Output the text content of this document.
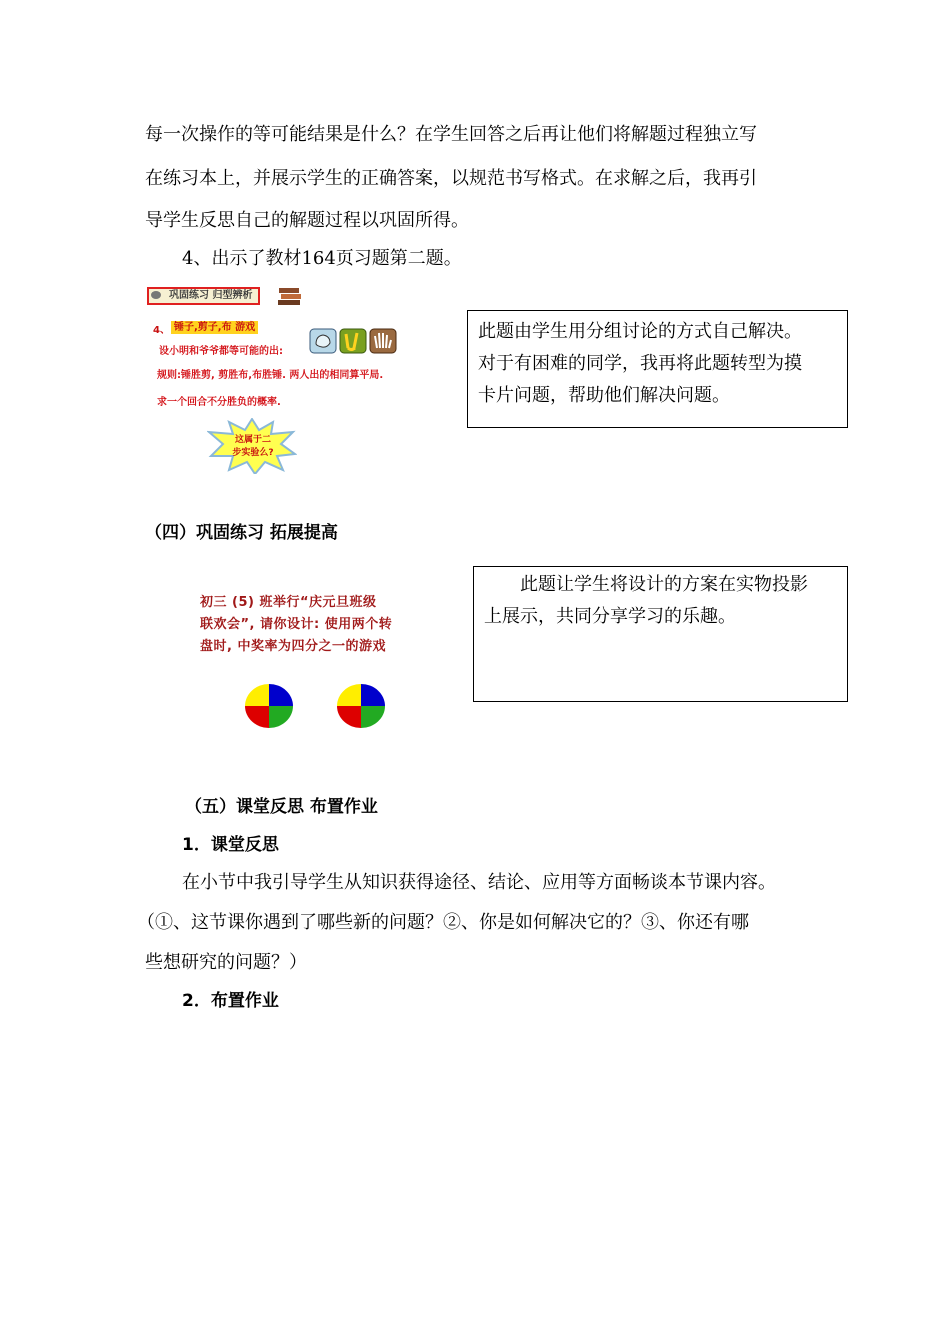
每一次操作的等可能结果是什么？在学生回答之后再让他们将解题过程独立写
在练习本上，并展示学生的正确答案，以规范书写格式。在求解之后，我再引
导学生反思自己的解题过程以巩固所得。
4、出示了教材164页习题第二题。
巩固练习 归型辨析
4、 锤子,剪子,布 游戏
设小明和爷爷都等可能的出:
规则:锤胜剪, 剪胜布,布胜锤. 两人出的相同算平局.
求一个回合不分胜负的概率.
这属于二
步实验么?
此题由学生用分组讨论的方式自己解决。
对于有困难的同学，我再将此题转型为摸
卡片问题，帮助他们解决问题。
（四）巩固练习 拓展提高
初三 (5) 班举行“庆元旦班级
联欢会”, 请你设计: 使用两个转
盘时, 中奖率为四分之一的游戏
此题让学生将设计的方案在实物投影
上展示，共同分享学习的乐趣。
（五）课堂反思 布置作业
1．课堂反思
在小节中我引导学生从知识获得途径、结论、应用等方面畅谈本节课内容。
（①、这节课你遇到了哪些新的问题？②、你是如何解决它的？③、你还有哪
些想研究的问题？）
2．布置作业
